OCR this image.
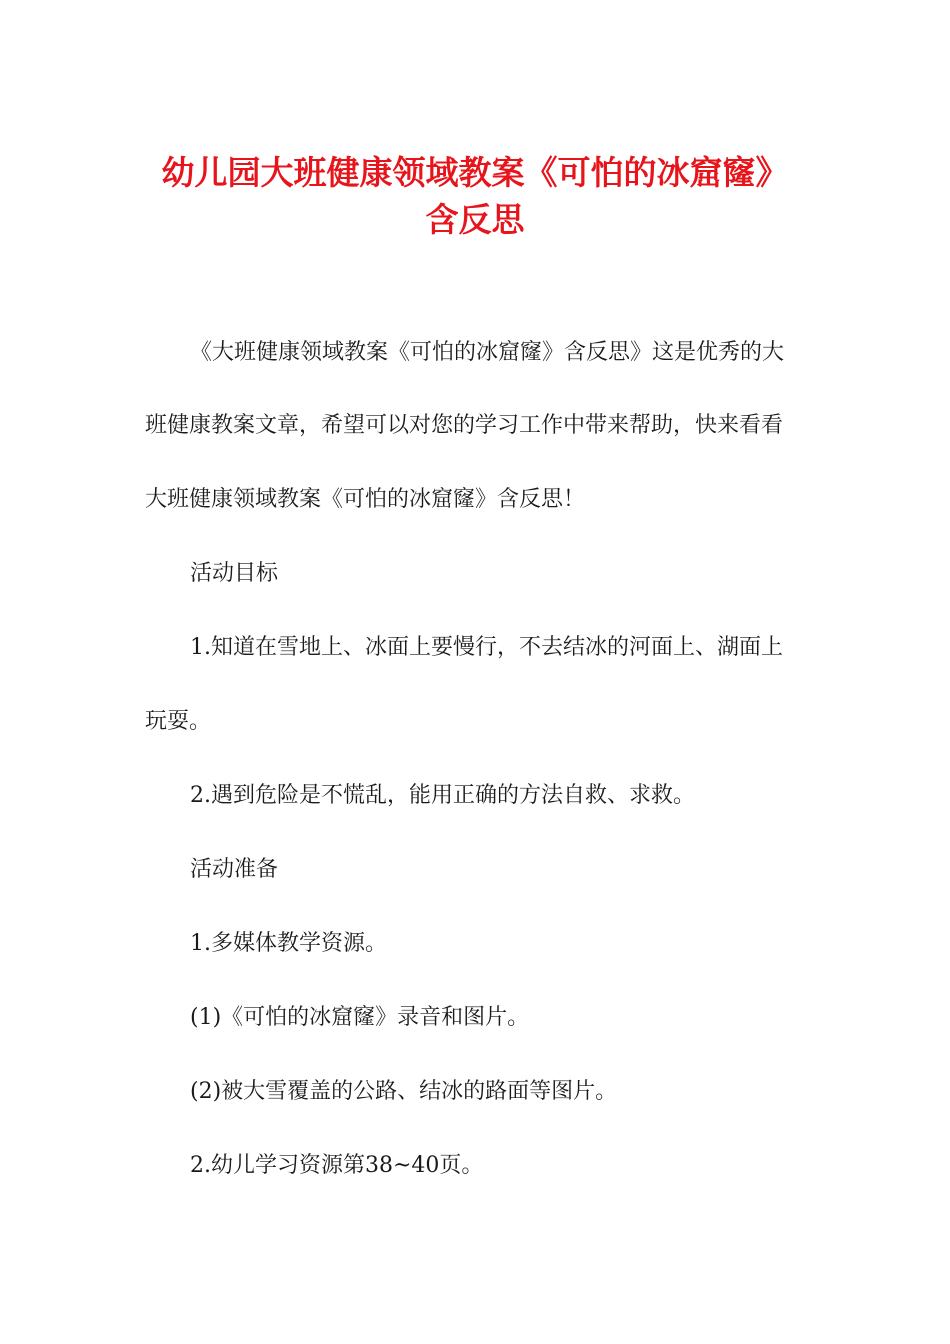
幼儿园大班健康领域教案《可怕的冰窟窿》
含反思

《大班健康领域教案《可怕的冰窟窿》含反思》这是优秀的大

班健康教案文章，希望可以对您的学习工作中带来帮助，快来看看

大班健康领域教案《可怕的冰窟窿》含反思！

活动目标

1.知道在雪地上、冰面上要慢行，不去结冰的河面上、湖面上

玩耍。

2.遇到危险是不慌乱，能用正确的方法自救、求救。

活动准备

1.多媒体教学资源。

(1)《可怕的冰窟窿》录音和图片。

(2)被大雪覆盖的公路、结冰的路面等图片。

2.幼儿学习资源第38~40页。
